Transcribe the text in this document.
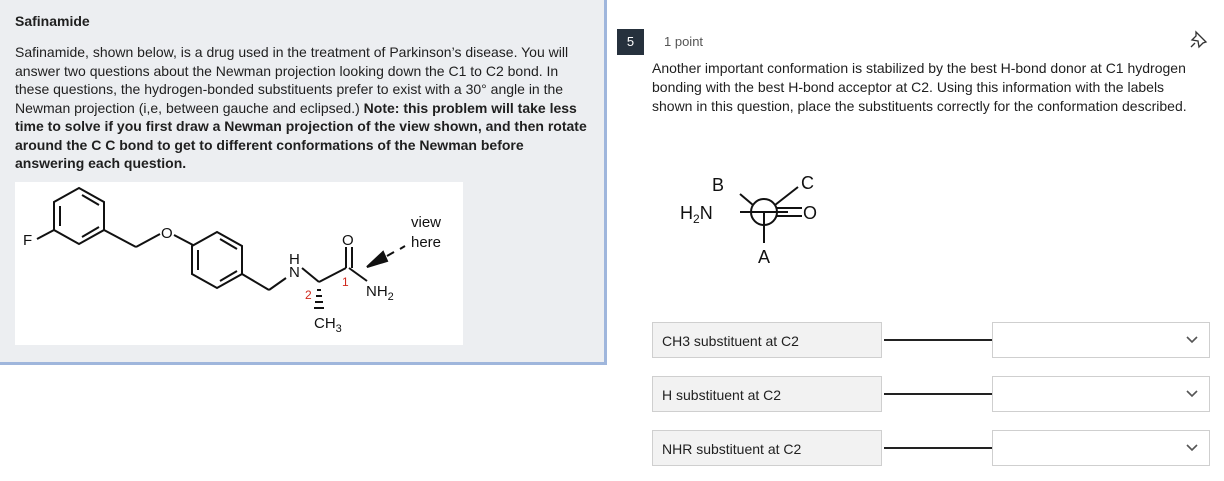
Safinamide
Safinamide, shown below, is a drug used in the treatment of Parkinson’s disease. You will answer two questions about the Newman projection looking down the C1 to C2 bond. In these questions, the hydrogen-bonded substituents prefer to exist with a 30° angle in the Newman projection (i,e, between gauche and eclipsed.) Note: this problem will take less time to solve if you first draw a Newman projection of the view shown, and then rotate around the C C bond to get to different conformations of the Newman before answering each question.
F	O
H
N
O
$NH_2$
$CH_3$
view
here
2
1
5	1 point
Another important conformation is stabilized by the best H-bond donor at C1 hydrogen bonding with the best H-bond acceptor at C2. Using this information with the labels shown in this question, place the substituents correctly for the conformation described.
B	C
$H_2N$	O
A
CH3 substituent at C2
H substituent at C2
NHR substituent at C2
